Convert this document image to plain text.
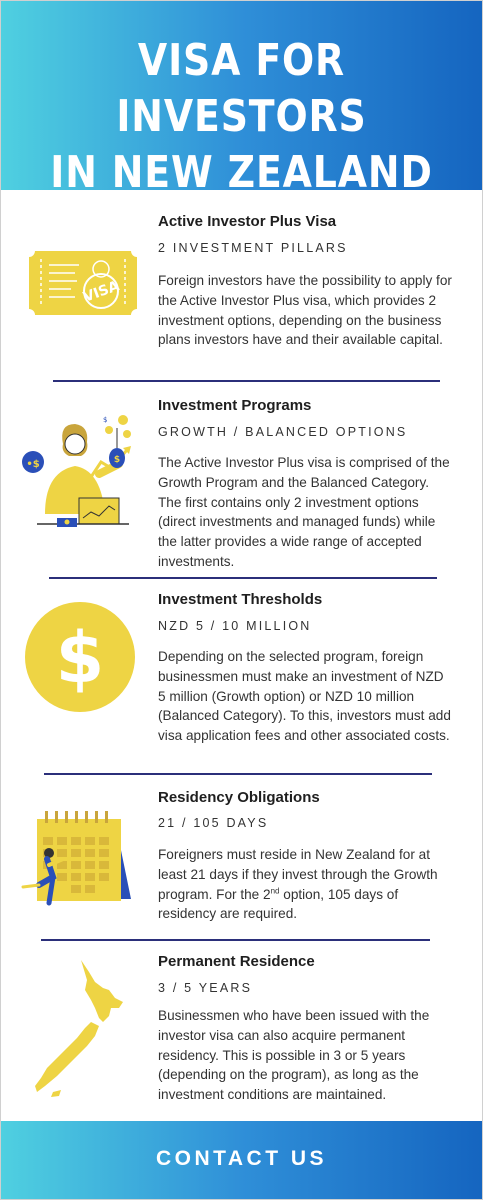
VISA FOR INVESTORS
IN NEW ZEALAND
VISA
Active Investor Plus Visa
2 INVESTMENT PILLARS
Foreign investors have the possibility to apply for the Active Investor Plus visa, which provides 2 investment options, depending on the business plans investors have and their available capital.
•$	$
$
Investment Programs
GROWTH / BALANCED OPTIONS
The Active Investor Plus visa is comprised of the Growth Program and the Balanced Category. The first contains only 2 investment options (direct investments and managed funds) while the latter provides a wide range of accepted investments.
$
Investment Thresholds
NZD 5 / 10 MILLION
Depending on the selected program, foreign businessmen must make an investment of NZD 5 million (Growth option) or NZD 10 million (Balanced Category). To this, investors must add visa application fees and other associated costs.
Residency Obligations
21 / 105 DAYS
Foreigners must reside in New Zealand for at least 21 days if they invest through the Growth program. For the 2nd option, 105 days of residency are required.
Permanent Residence
3 / 5 YEARS
Businessmen who have been issued with the investor visa can also acquire permanent residency. This is possible in 3 or 5 years (depending on the program), as long as the investment conditions are maintained.
CONTACT US
